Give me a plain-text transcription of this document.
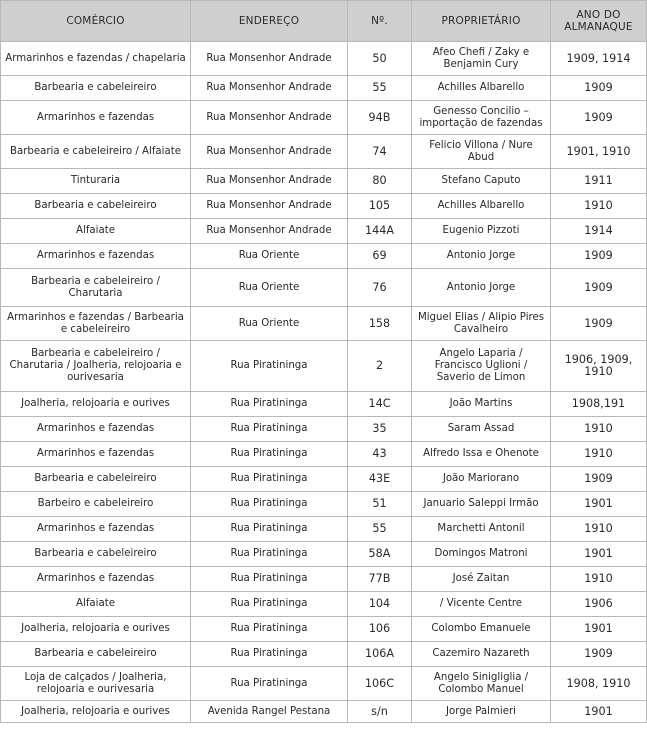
COMÉRCIO	ENDEREÇO	Nº.	PROPRIETÁRIO	ANO DO ALMANAQUE
Armarinhos e fazendas / chapelaria	Rua Monsenhor Andrade	50	Afeo Chefi / Zaky e Benjamin Cury	1909, 1914
Barbearia e cabeleireiro	Rua Monsenhor Andrade	55	Achilles Albarello	1909
Armarinhos e fazendas	Rua Monsenhor Andrade	94B	Genesso Concilio – importação de fazendas	1909
Barbearia e cabeleireiro / Alfaiate	Rua Monsenhor Andrade	74	Felicio Villona / Nure Abud	1901, 1910
Tinturaria	Rua Monsenhor Andrade	80	Stefano Caputo	1911
Barbearia e cabeleireiro	Rua Monsenhor Andrade	105	Achilles Albarello	1910
Alfaiate	Rua Monsenhor Andrade	144A	Eugenio Pizzoti	1914
Armarinhos e fazendas	Rua Oriente	69	Antonio Jorge	1909
Barbearia e cabeleireiro / Charutaria	Rua Oriente	76	Antonio Jorge	1909
Armarinhos e fazendas / Barbearia e cabeleireiro	Rua Oriente	158	Miguel Elias / Alipio Pires Cavalheiro	1909
Barbearia e cabeleireiro / Charutaria / Joalheria, relojoaria e ourivesaria	Rua Piratininga	2	Angelo Laparia / Francisco Uglioni / Saverio de Limon	1906, 1909, 1910
Joalheria, relojoaria e ourives	Rua Piratininga	14C	João Martins	1908,191
Armarinhos e fazendas	Rua Piratininga	35	Saram Assad	1910
Armarinhos e fazendas	Rua Piratininga	43	Alfredo Issa e Ohenote	1910
Barbearia e cabeleireiro	Rua Piratininga	43E	João Mariorano	1909
Barbeiro e cabeleireiro	Rua Piratininga	51	Januario Saleppi Irmão	1901
Armarinhos e fazendas	Rua Piratininga	55	Marchetti Antonil	1910
Barbearia e cabeleireiro	Rua Piratininga	58A	Domingos Matroni	1901
Armarinhos e fazendas	Rua Piratininga	77B	José Zaitan	1910
Alfaiate	Rua Piratininga	104	/ Vicente Centre	1906
Joalheria, relojoaria e ourives	Rua Piratininga	106	Colombo Emanuele	1901
Barbearia e cabeleireiro	Rua Piratininga	106A	Cazemiro Nazareth	1909
Loja de calçados / Joalheria, relojoaria e ourivesaria	Rua Piratininga	106C	Angelo Sinigliglia / Colombo Manuel	1908, 1910
Joalheria, relojoaria e ourives	Avenida Rangel Pestana	s/n	Jorge Palmieri	1901
